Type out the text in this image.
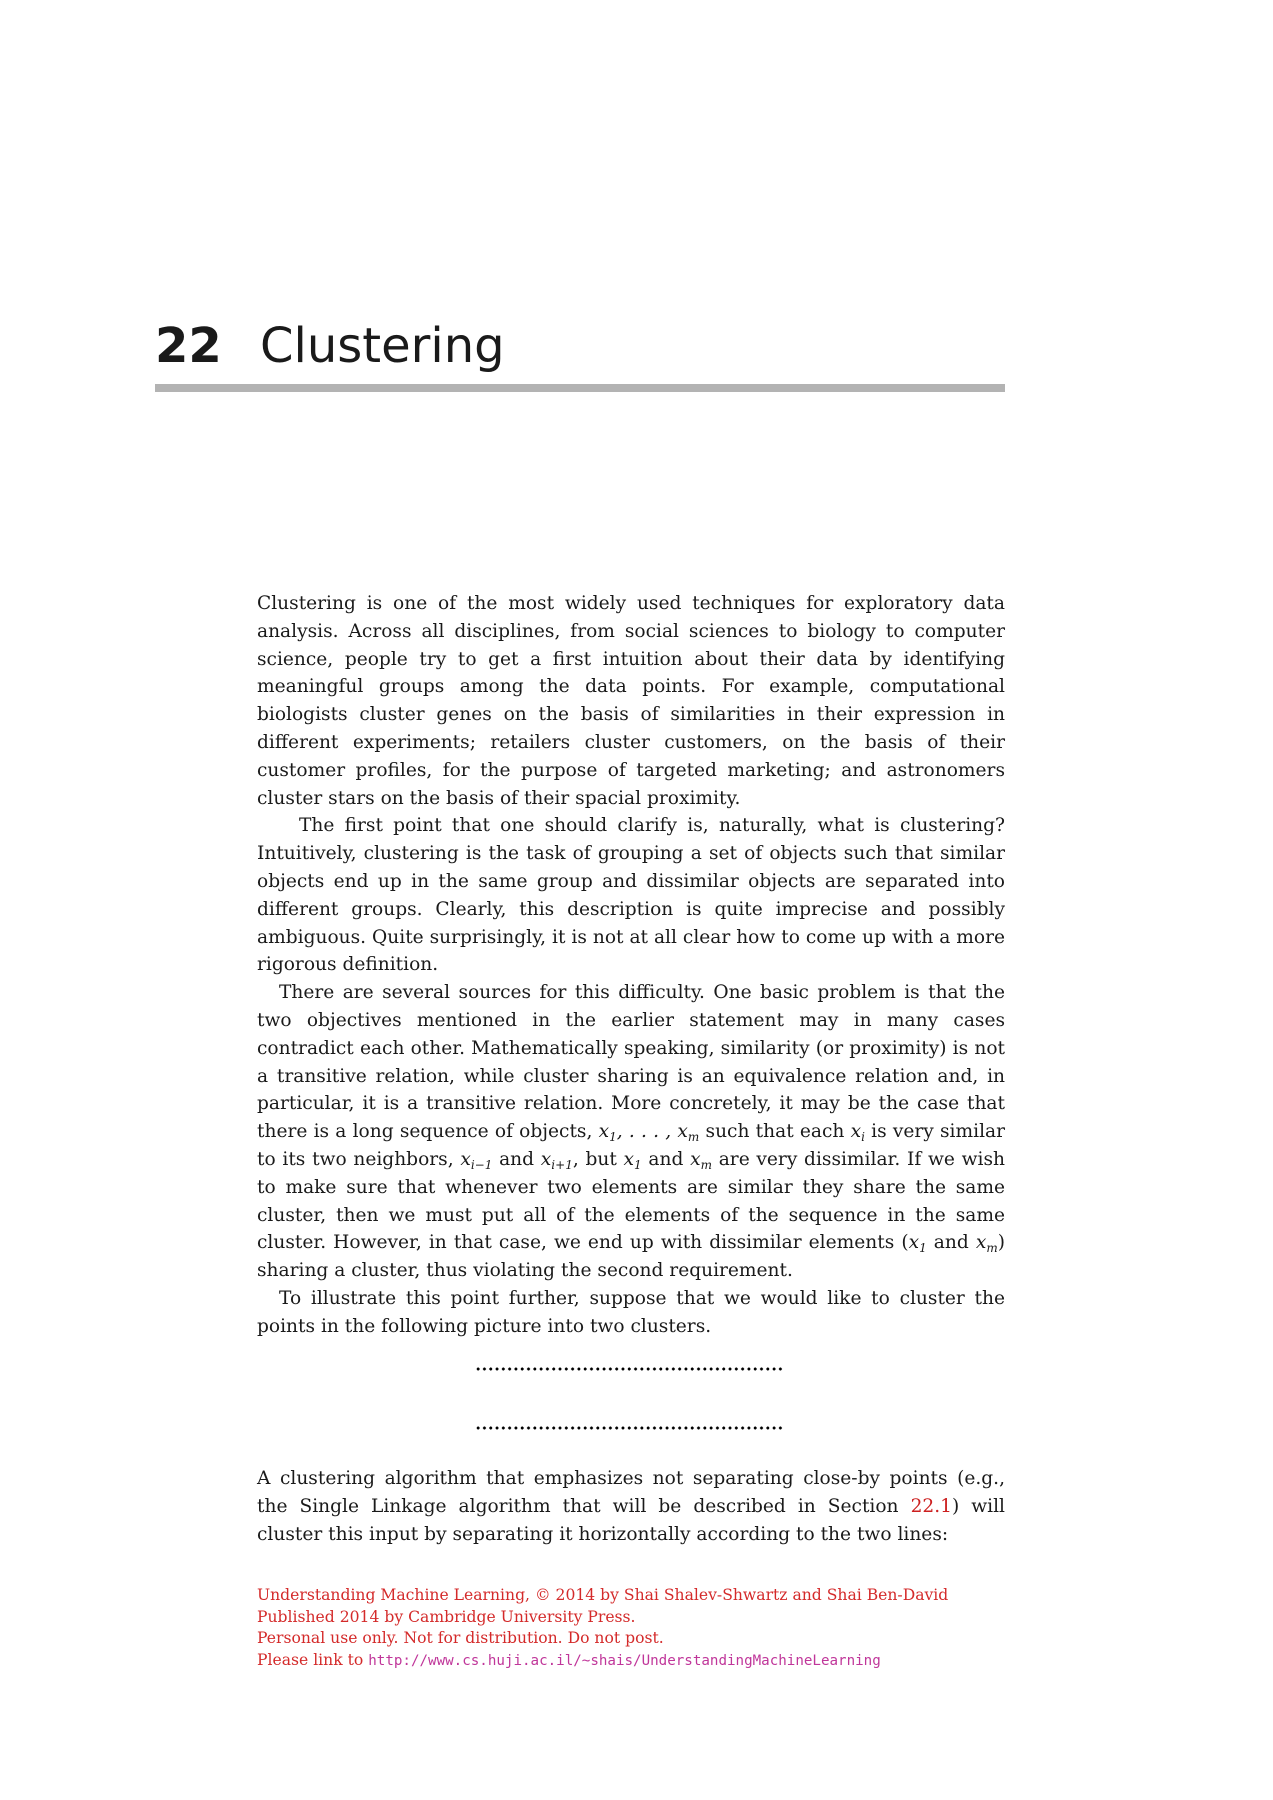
22 Clustering

Clustering is one of the most widely used techniques for exploratory data analysis. Across all disciplines, from social sciences to biology to computer science, people try to get a first intuition about their data by identifying meaningful groups among the data points. For example, computational biologists cluster genes on the basis of similarities in their expression in different experiments; retailers cluster customers, on the basis of their customer profiles, for the purpose of targeted marketing; and astronomers cluster stars on the basis of their spacial proximity.

The first point that one should clarify is, naturally, what is clustering? Intuitively, clustering is the task of grouping a set of objects such that similar objects end up in the same group and dissimilar objects are separated into different groups. Clearly, this description is quite imprecise and possibly ambiguous. Quite surprisingly, it is not at all clear how to come up with a more rigorous definition.

There are several sources for this difficulty. One basic problem is that the two objectives mentioned in the earlier statement may in many cases contradict each other. Mathematically speaking, similarity (or proximity) is not a transitive relation, while cluster sharing is an equivalence relation and, in particular, it is a transitive relation. More concretely, it may be the case that there is a long sequence of objects, $x_1$, . . . , $x_m$ such that each $x_i$ is very similar to its two neighbors, $x_{i-1}$ and $x_{i+1}$, but $x_1$ and $x_m$ are very dissimilar. If we wish to make sure that whenever two elements are similar they share the same cluster, then we must put all of the elements of the sequence in the same cluster. However, in that case, we end up with dissimilar elements ($x_1$ and $x_m$) sharing a cluster, thus violating the second requirement.

To illustrate this point further, suppose that we would like to cluster the points in the following picture into two clusters.

A clustering algorithm that emphasizes not separating close-by points (e.g., the Single Linkage algorithm that will be described in Section 22.1) will cluster this input by separating it horizontally according to the two lines:

Understanding Machine Learning, © 2014 by Shai Shalev-Shwartz and Shai Ben-David
Published 2014 by Cambridge University Press.
Personal use only. Not for distribution. Do not post.
Please link to http://www.cs.huji.ac.il/~shais/UnderstandingMachineLearning
